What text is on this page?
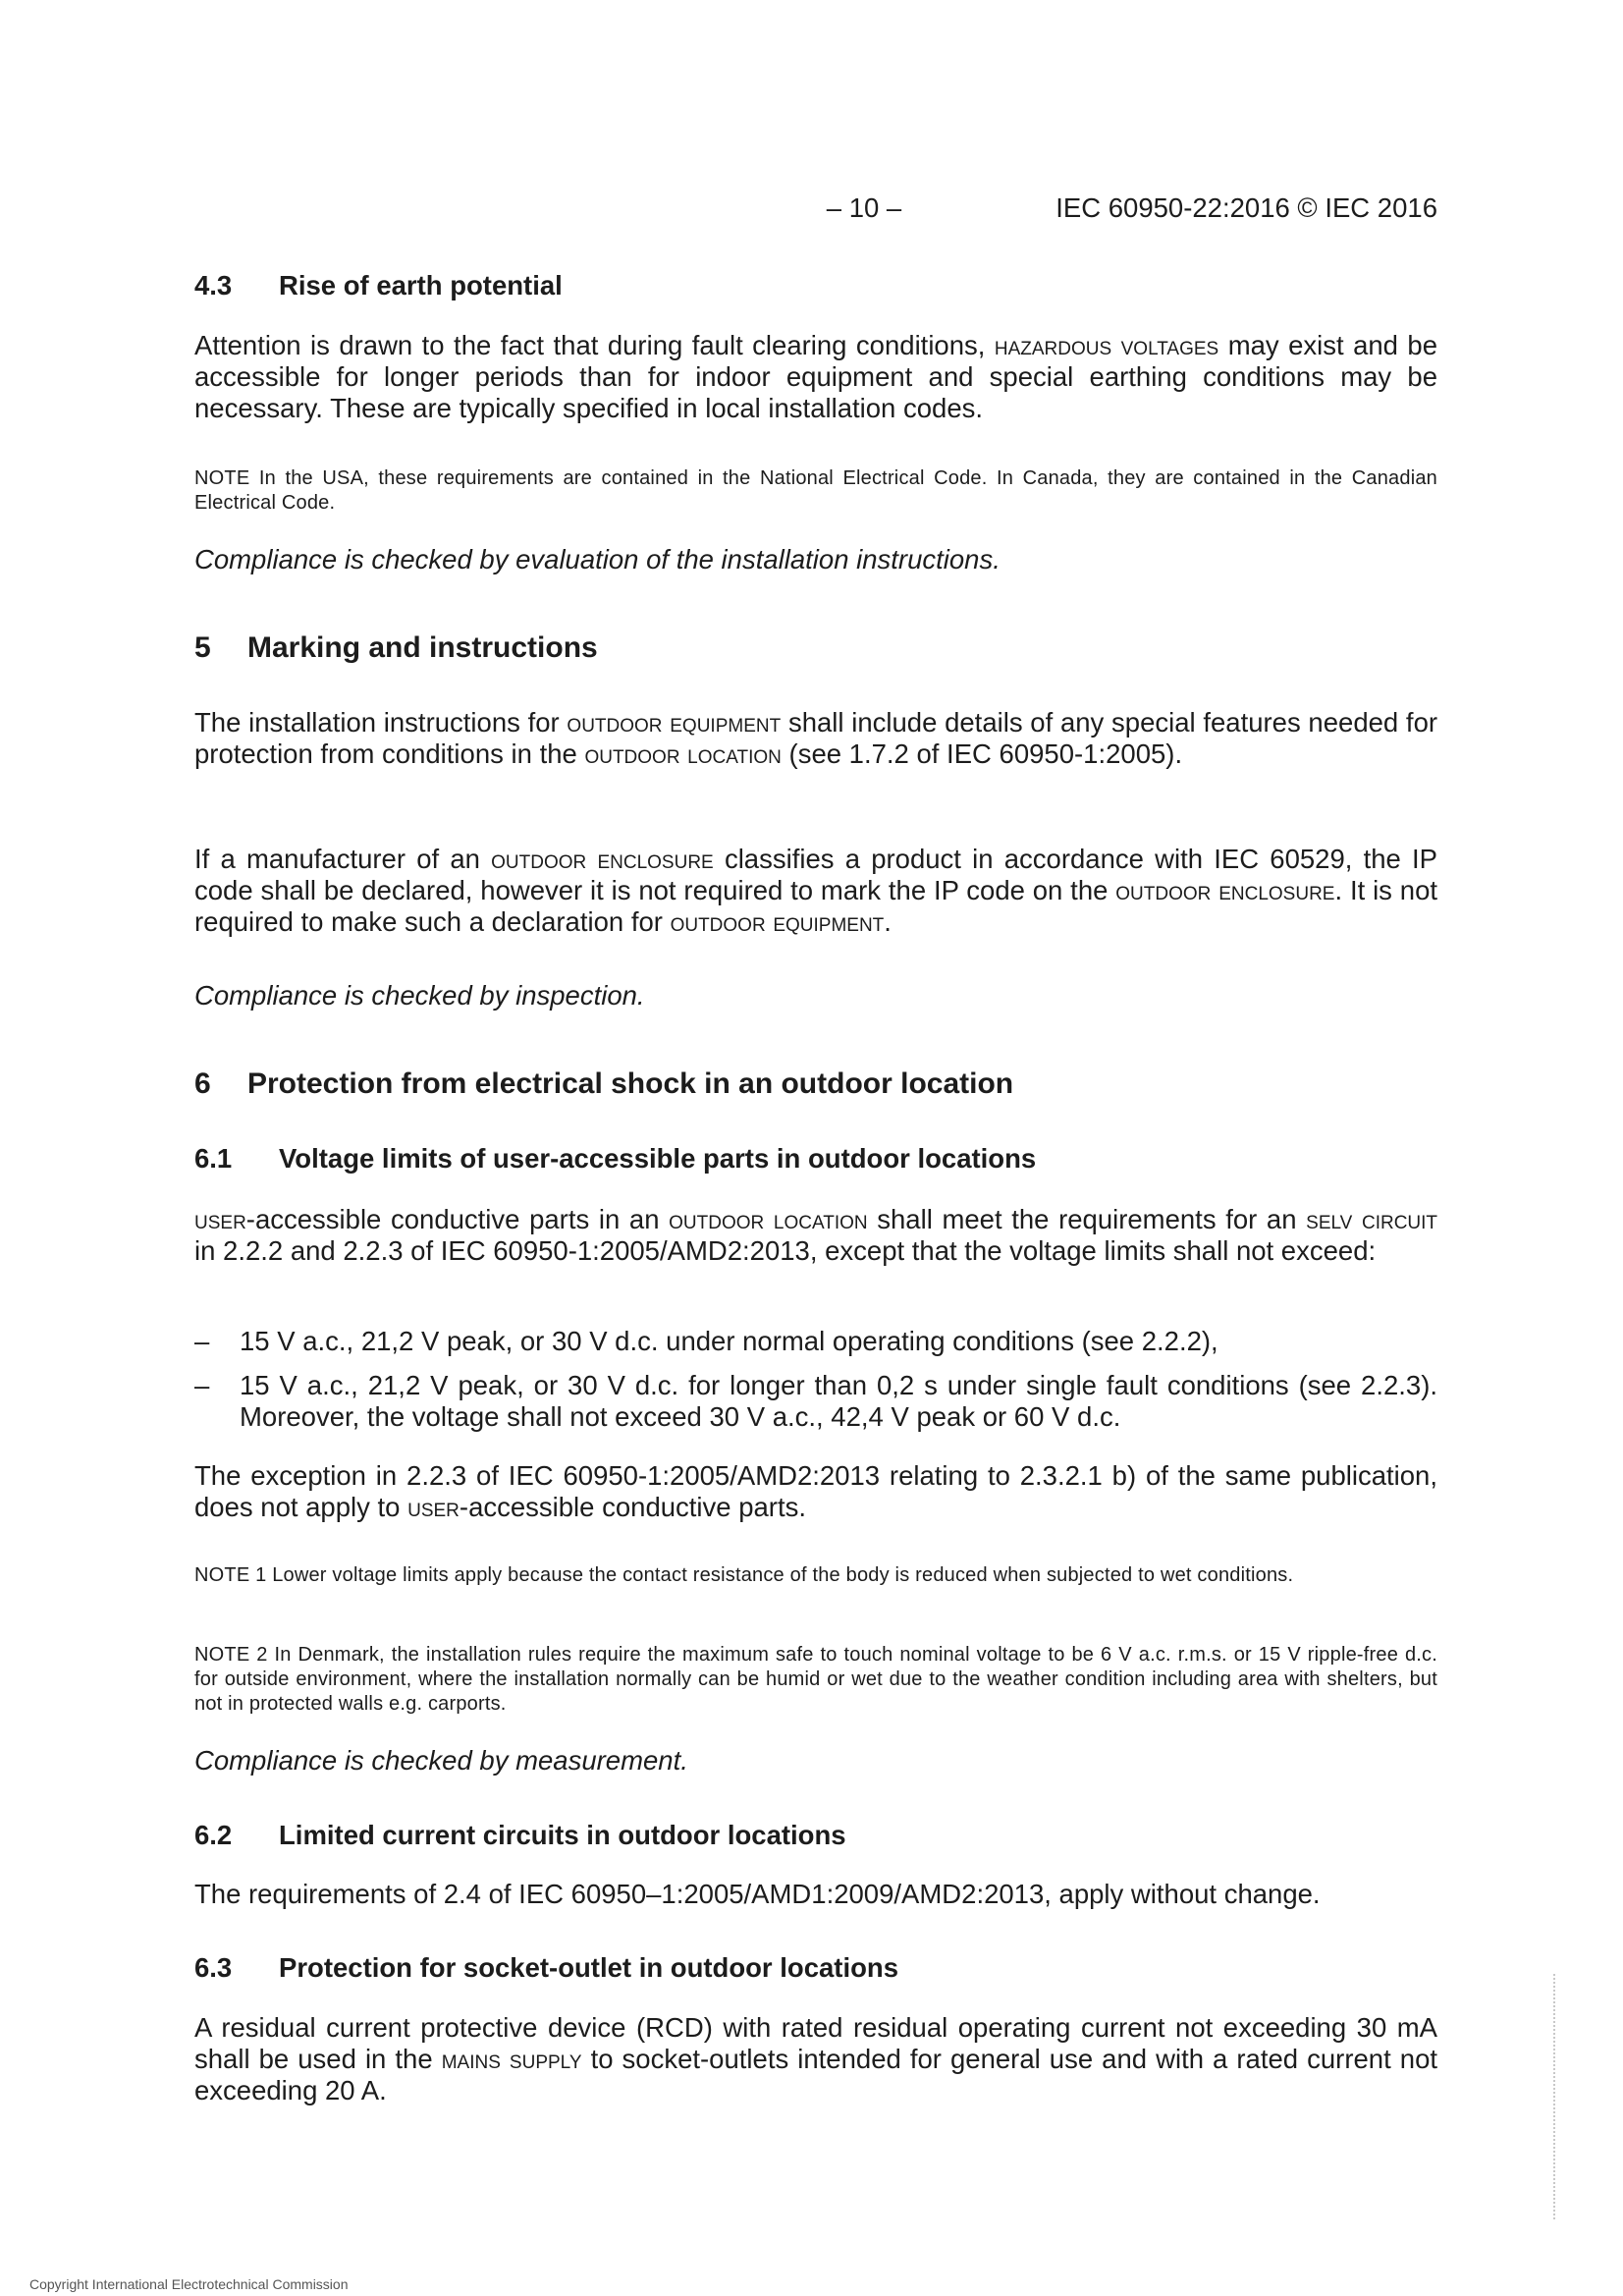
– 10 –	IEC 60950-22:2016 © IEC 2016
4.3 Rise of earth potential

Attention is drawn to the fact that during fault clearing conditions, hazardous voltages may exist and be accessible for longer periods than for indoor equipment and special earthing conditions may be necessary. These are typically specified in local installation codes.

NOTE In the USA, these requirements are contained in the National Electrical Code. In Canada, they are contained in the Canadian Electrical Code.

Compliance is checked by evaluation of the installation instructions.

5 Marking and instructions

The installation instructions for outdoor equipment shall include details of any special features needed for protection from conditions in the outdoor location (see 1.7.2 of IEC 60950-1:2005).

If a manufacturer of an outdoor enclosure classifies a product in accordance with IEC 60529, the IP code shall be declared, however it is not required to mark the IP code on the outdoor enclosure. It is not required to make such a declaration for outdoor equipment.

Compliance is checked by inspection.

6 Protection from electrical shock in an outdoor location
6.1 Voltage limits of user-accessible parts in outdoor locations

user-accessible conductive parts in an outdoor location shall meet the requirements for an selv circuit in 2.2.2 and 2.2.3 of IEC 60950-1:2005/AMD2:2013, except that the voltage limits shall not exceed:

– 15 V a.c., 21,2 V peak, or 30 V d.c. under normal operating conditions (see 2.2.2),

– 15 V a.c., 21,2 V peak, or 30 V d.c. for longer than 0,2 s under single fault conditions (see 2.2.3). Moreover, the voltage shall not exceed 30 V a.c., 42,4 V peak or 60 V d.c.

The exception in 2.2.3 of IEC 60950-1:2005/AMD2:2013 relating to 2.3.2.1 b) of the same publication, does not apply to user-accessible conductive parts.

NOTE 1 Lower voltage limits apply because the contact resistance of the body is reduced when subjected to wet conditions.

NOTE 2 In Denmark, the installation rules require the maximum safe to touch nominal voltage to be 6 V a.c. r.m.s. or 15 V ripple-free d.c. for outside environment, where the installation normally can be humid or wet due to the weather condition including area with shelters, but not in protected walls e.g. carports.

Compliance is checked by measurement.

6.2 Limited current circuits in outdoor locations

The requirements of 2.4 of IEC 60950–1:2005/AMD1:2009/AMD2:2013, apply without change.

6.3 Protection for socket-outlet in outdoor locations

A residual current protective device (RCD) with rated residual operating current not exceeding 30 mA shall be used in the mains supply to socket-outlets intended for general use and with a rated current not exceeding 20 A.

Copyright International Electrotechnical Commission
